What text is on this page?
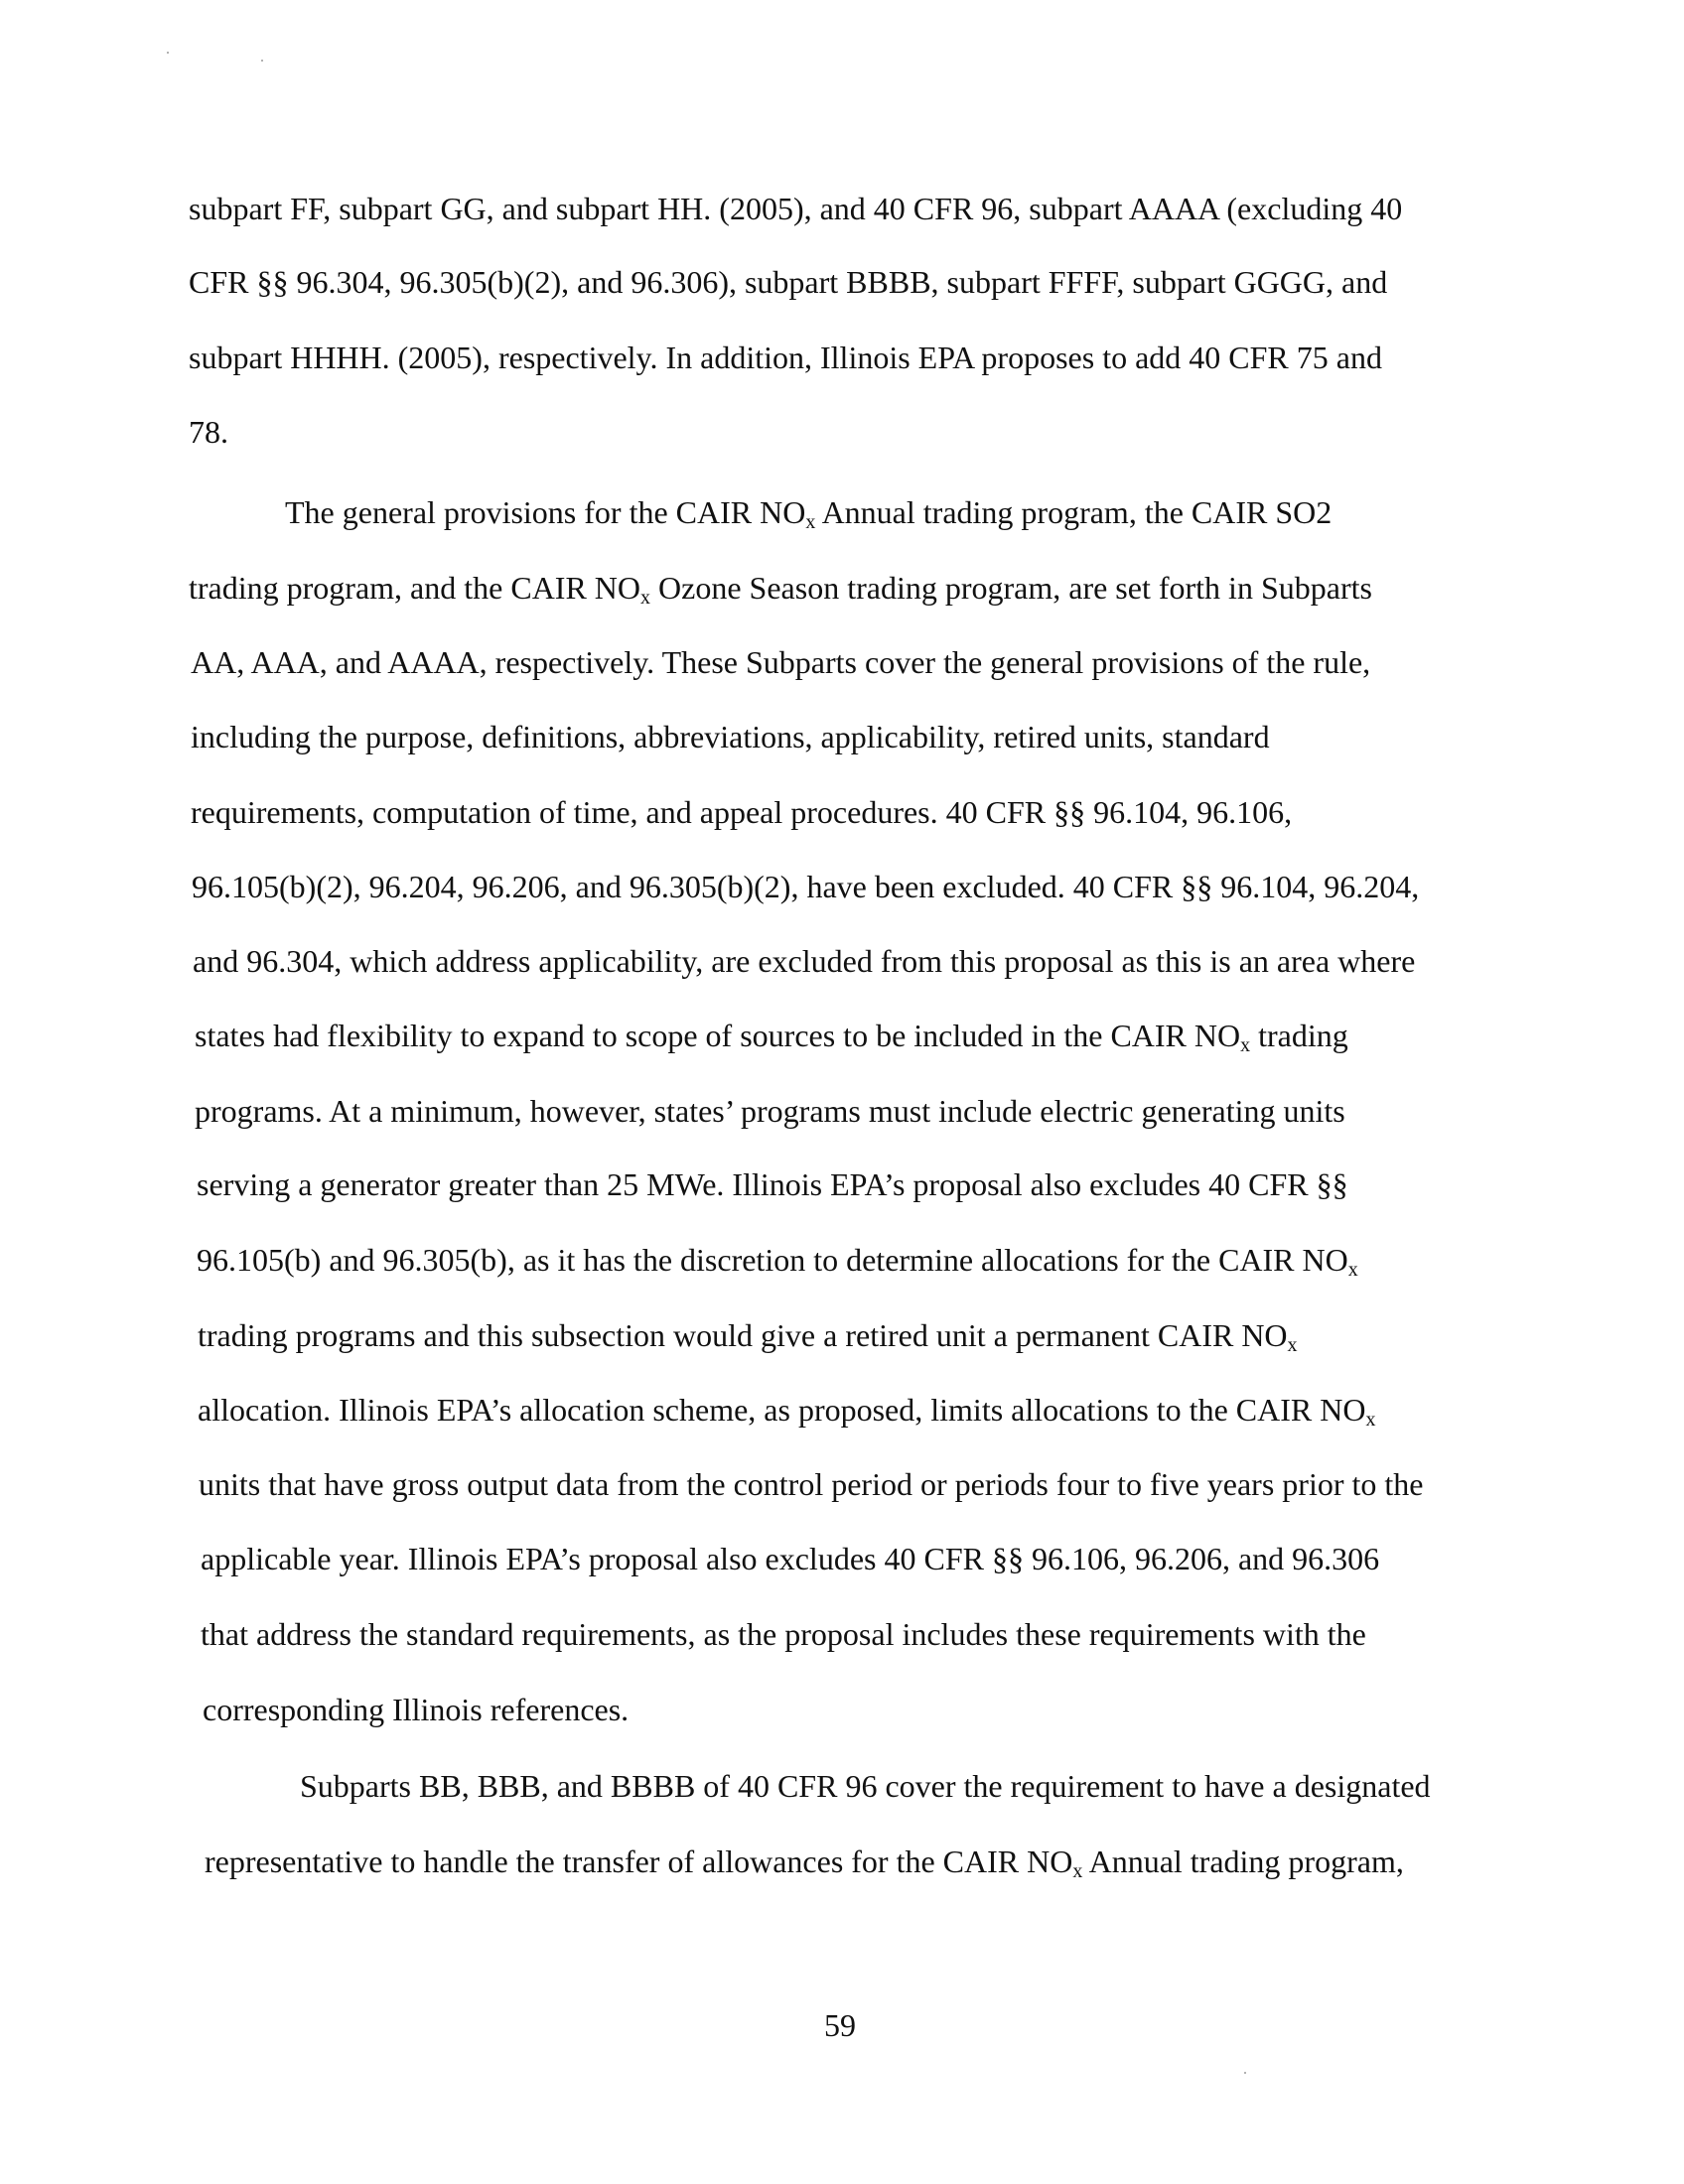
subpart FF, subpart GG, and subpart HH. (2005), and 40 CFR 96, subpart AAAA (excluding 40
CFR §§ 96.304, 96.305(b)(2), and 96.306), subpart BBBB, subpart FFFF, subpart GGGG, and
subpart HHHH. (2005), respectively. In addition, Illinois EPA proposes to add 40 CFR 75 and
78.
The general provisions for the CAIR $NO_x$ Annual trading program, the CAIR SO2
trading program, and the CAIR $NO_x$ Ozone Season trading program, are set forth in Subparts
AA, AAA, and AAAA, respectively. These Subparts cover the general provisions of the rule,
including the purpose, definitions, abbreviations, applicability, retired units, standard
requirements, computation of time, and appeal procedures. 40 CFR §§ 96.104, 96.106,
96.105(b)(2), 96.204, 96.206, and 96.305(b)(2), have been excluded. 40 CFR §§ 96.104, 96.204,
and 96.304, which address applicability, are excluded from this proposal as this is an area where
states had flexibility to expand to scope of sources to be included in the CAIR $NO_x$ trading
programs. At a minimum, however, states’ programs must include electric generating units
serving a generator greater than 25 MWe. Illinois EPA’s proposal also excludes 40 CFR §§
96.105(b) and 96.305(b), as it has the discretion to determine allocations for the CAIR $NO_x$
trading programs and this subsection would give a retired unit a permanent CAIR $NO_x$
allocation. Illinois EPA’s allocation scheme, as proposed, limits allocations to the CAIR $NO_x$
units that have gross output data from the control period or periods four to five years prior to the
applicable year. Illinois EPA’s proposal also excludes 40 CFR §§ 96.106, 96.206, and 96.306
that address the standard requirements, as the proposal includes these requirements with the
corresponding Illinois references.
Subparts BB, BBB, and BBBB of 40 CFR 96 cover the requirement to have a designated
representative to handle the transfer of allowances for the CAIR $NO_x$ Annual trading program,
59
